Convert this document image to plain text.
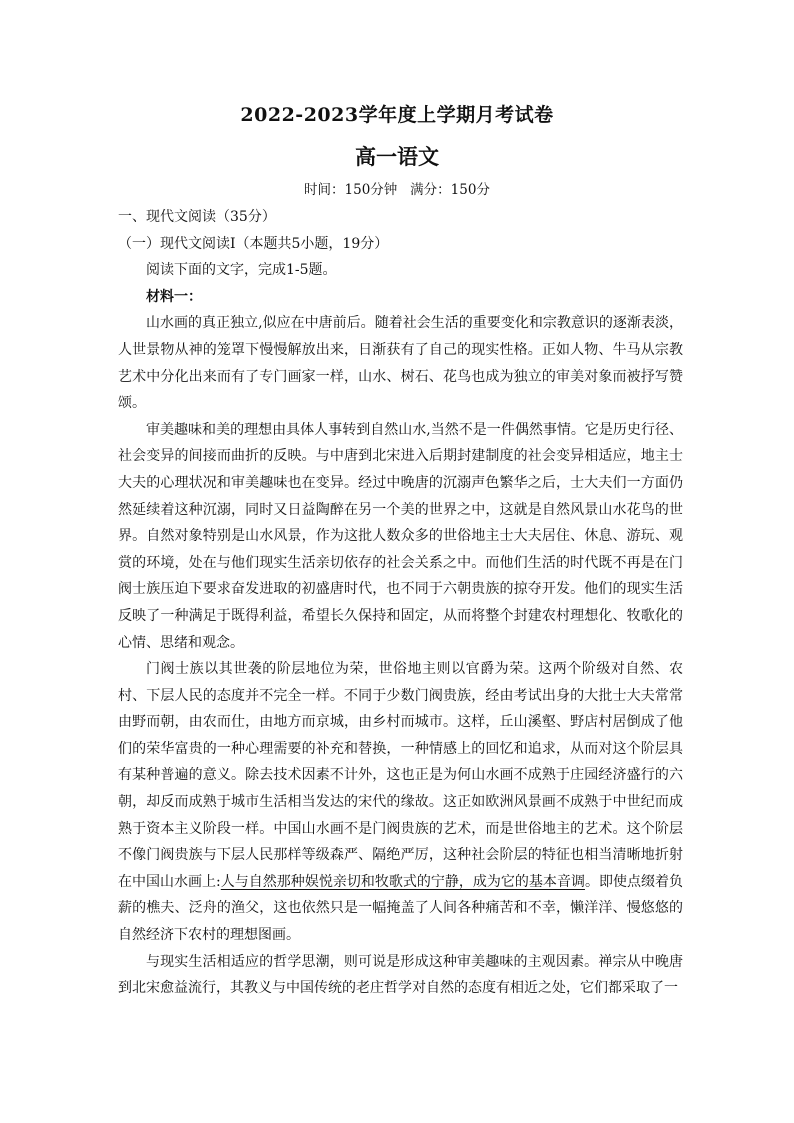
2022-2023学年度上学期月考试卷
高一语文
时间：150分钟   满分：150分

一、现代文阅读（35分）

（一）现代文阅读Ⅰ（本题共5小题，19分）

阅读下面的文字，完成1-5题。

材料一：

山水画的真正独立,似应在中唐前后。随着社会生活的重要变化和宗教意识的逐渐表淡，人世景物从神的笼罩下慢慢解放出来，日渐获有了自己的现实性格。正如人物、牛马从宗教艺术中分化出来而有了专门画家一样，山水、树石、花鸟也成为独立的审美对象而被抒写赞颂。

审美趣味和美的理想由具体人事转到自然山水,当然不是一件偶然事情。它是历史行径、社会变异的间接而曲折的反映。与中唐到北宋进入后期封建制度的社会变异相适应，地主士大夫的心理状况和审美趣味也在变异。经过中晚唐的沉溺声色繁华之后，士大夫们一方面仍然延续着这种沉溺，同时又日益陶醉在另一个美的世界之中，这就是自然风景山水花鸟的世界。自然对象特别是山水风景，作为这批人数众多的世俗地主士大夫居住、休息、游玩、观赏的环境，处在与他们现实生活亲切依存的社会关系之中。而他们生活的时代既不再是在门阀士族压迫下要求奋发进取的初盛唐时代，也不同于六朝贵族的掠夺开发。他们的现实生活反映了一种满足于既得利益，希望长久保持和固定，从而将整个封建农村理想化、牧歌化的心情、思绪和观念。

门阀士族以其世袭的阶层地位为荣，世俗地主则以官爵为荣。这两个阶级对自然、农村、下层人民的态度并不完全一样。不同于少数门阀贵族，经由考试出身的大批士大夫常常由野而朝，由农而仕，由地方而京城，由乡村而城市。这样，丘山溪壑、野店村居倒成了他们的荣华富贵的一种心理需要的补充和替换，一种情感上的回忆和追求，从而对这个阶层具有某种普遍的意义。除去技术因素不计外，这也正是为何山水画不成熟于庄园经济盛行的六朝，却反而成熟于城市生活相当发达的宋代的缘故。这正如欧洲风景画不成熟于中世纪而成熟于资本主义阶段一样。中国山水画不是门阀贵族的艺术，而是世俗地主的艺术。这个阶层不像门阀贵族与下层人民那样等级森严、隔绝严厉，这种社会阶层的特征也相当清晰地折射在中国山水画上:人与自然那种娱悦亲切和牧歌式的宁静，成为它的基本音调。即使点缀着负薪的樵夫、泛舟的渔父，这也依然只是一幅掩盖了人间各种痛苦和不幸，懒洋洋、慢悠悠的自然经济下农村的理想图画。

与现实生活相适应的哲学思潮，则可说是形成这种审美趣味的主观因素。禅宗从中晚唐到北宋愈益流行，其教义与中国传统的老庄哲学对自然的态度有相近之处，它们都采取了一
